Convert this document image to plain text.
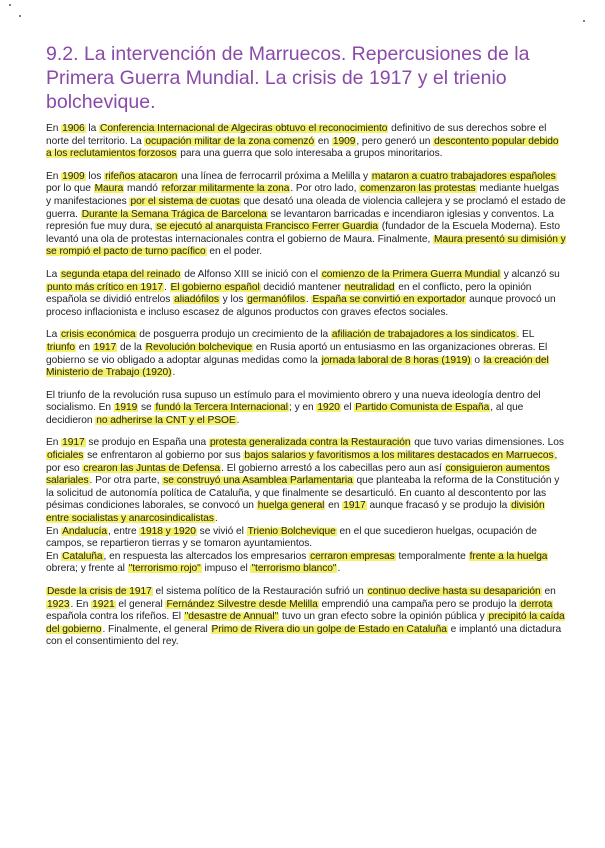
9.2. La intervención de Marruecos. Repercusiones de la Primera Guerra Mundial. La crisis de 1917 y el trienio bolchevique.

En 1906 la Conferencia Internacional de Algeciras obtuvo el reconocimiento definitivo de sus derechos sobre el norte del territorio. La ocupación militar de la zona comenzó en 1909, pero generó un descontento popular debido a los reclutamientos forzosos para una guerra que solo interesaba a grupos minoritarios.

En 1909 los rifeños atacaron una línea de ferrocarril próxima a Melilla y mataron a cuatro trabajadores españoles por lo que Maura mandó reforzar militarmente la zona. Por otro lado, comenzaron las protestas mediante huelgas y manifestaciones por el sistema de cuotas que desató una oleada de violencia callejera y se proclamó el estado de guerra. Durante la Semana Trágica de Barcelona se levantaron barricadas e incendiaron iglesias y conventos. La represión fue muy dura, se ejecutó al anarquista Francisco Ferrer Guardia (fundador de la Escuela Moderna). Esto levantó una ola de protestas internacionales contra el gobierno de Maura. Finalmente, Maura presentó su dimisión y se rompió el pacto de turno pacífico en el poder.

La segunda etapa del reinado de Alfonso XIII se inició con el comienzo de la Primera Guerra Mundial y alcanzó su punto más crítico en 1917. El gobierno español decidió mantener neutralidad en el conflicto, pero la opinión española se dividió entrelos aliadófilos y los germanófilos. España se convirtió en exportador aunque provocó un proceso inflacionista e incluso escasez de algunos productos con graves efectos sociales.

La crisis económica de posguerra produjo un crecimiento de la afiliación de trabajadores a los sindicatos. EL triunfo en 1917 de la Revolución bolchevique en Rusia aportó un entusiasmo en las organizaciones obreras. El gobierno se vio obligado a adoptar algunas medidas como la jornada laboral de 8 horas (1919) o la creación del Ministerio de Trabajo (1920).

El triunfo de la revolución rusa supuso un estímulo para el movimiento obrero y una nueva ideología dentro del socialismo. En 1919 se fundó la Tercera Internacional; y en 1920 el Partido Comunista de España, al que decidieron no adherirse la CNT y el PSOE.

En 1917 se produjo en España una protesta generalizada contra la Restauración que tuvo varias dimensiones. Los oficiales se enfrentaron al gobierno por sus bajos salarios y favoritismos a los militares destacados en Marruecos, por eso crearon las Juntas de Defensa. El gobierno arrestó a los cabecillas pero aun así consiguieron aumentos salariales. Por otra parte, se construyó una Asamblea Parlamentaria que planteaba la reforma de la Constitución y la solicitud de autonomía política de Cataluña, y que finalmente se desarticuló. En cuanto al descontento por las pésimas condiciones laborales, se convocó un huelga general en 1917 aunque fracasó y se produjo la división entre socialistas y anarcosindicalistas.

En Andalucía, entre 1918 y 1920 se vivió el Trienio Bolchevique en el que sucedieron huelgas, ocupación de campos, se repartieron tierras y se tomaron ayuntamientos.

En Cataluña, en respuesta las altercados los empresarios cerraron empresas temporalmente frente a la huelga obrera; y frente al "terrorismo rojo" impuso el "terrorismo blanco".

Desde la crisis de 1917 el sistema político de la Restauración sufrió un continuo declive hasta su desaparición en 1923. En 1921 el general Fernández Silvestre desde Melilla emprendió una campaña pero se produjo la derrota española contra los rifeños. El "desastre de Annual" tuvo un gran efecto sobre la opinión pública y precipitó la caída del gobierno. Finalmente, el general Primo de Rivera dio un golpe de Estado en Cataluña e implantó una dictadura con el consentimiento del rey.
